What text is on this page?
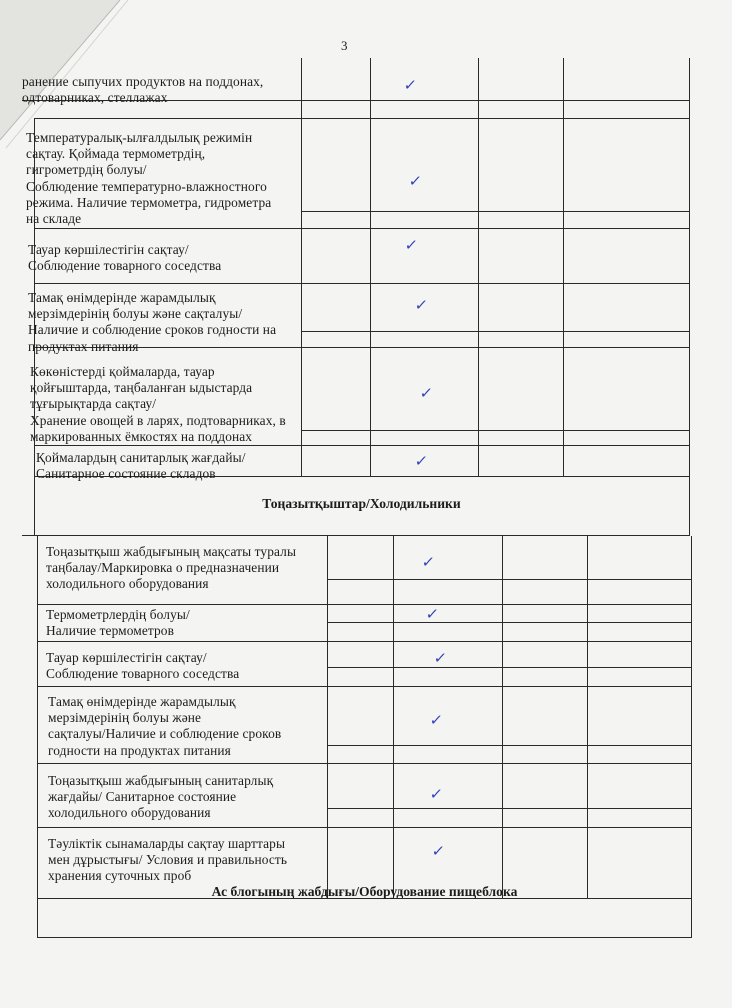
3
ранение сыпучих продуктов на поддонах,
одтоварниках, стеллажах
✓
Температуралық-ылғалдылық режимін
сақтау. Қоймада термометрдің,
гигрометрдің болуы/
Соблюдение температурно-влажностного
режима. Наличие термометра, гидрометра
на складе
✓
Тауар көршілестігін сақтау/
Соблюдение товарного соседства
✓
Тамақ өнімдерінде жарамдылық
мерзімдерінің болуы және сақталуы/
Наличие и соблюдение сроков годности на
продуктах питания
✓
Көкөністерді қоймаларда, тауар
қойғыштарда, таңбаланған ыдыстарда
тұғырықтарда сақтау/
Хранение овощей в ларях, подтоварниках, в
маркированных ёмкостях на поддонах
✓
Қоймалардың санитарлық жағдайы/
Санитарное состояние складов
✓
Тоңазытқыштар/Холодильники
Тоңазытқыш жабдығының мақсаты туралы
таңбалау/Маркировка о предназначении
холодильного оборудования
✓
Термометрлердің болуы/
Наличие термометров
✓
Тауар көршілестігін сақтау/
Соблюдение товарного соседства
✓
Тамақ өнімдерінде жарамдылық
мерзімдерінің болуы және
сақталуы/Наличие и соблюдение сроков
годности на продуктах питания
✓
Тоңазытқыш жабдығының санитарлық
жағдайы/ Санитарное состояние
холодильного оборудования
✓
Тәуліктік сынамаларды сақтау шарттары
мен дұрыстығы/ Условия и правильность
хранения суточных проб
✓
Ас блогының жабдығы/Оборудование пищеблока
